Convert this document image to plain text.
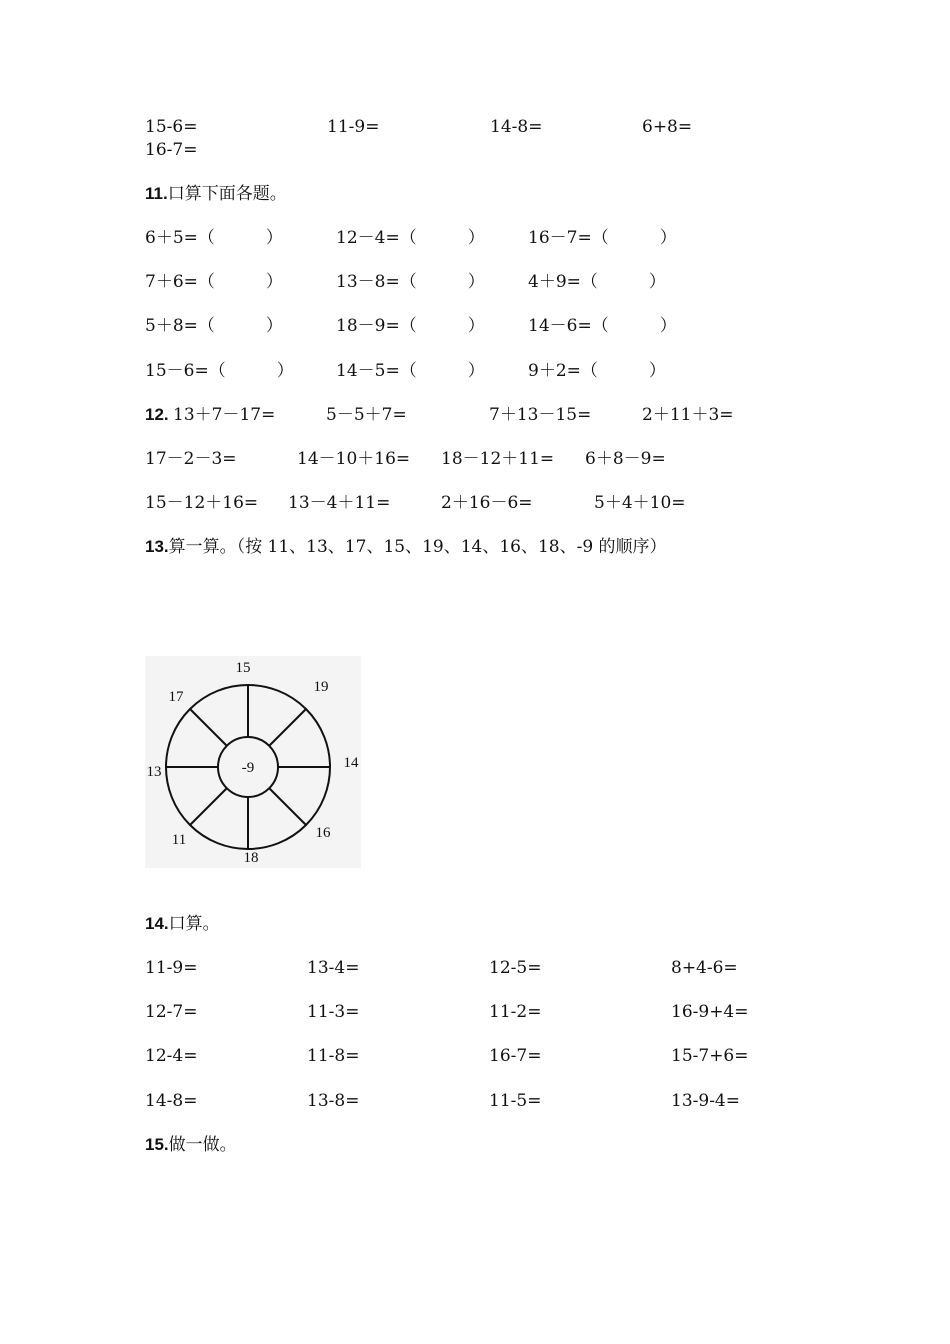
15-6=	11-9=	14-8=	6+8=
16-7=
11.口算下面各题。
6＋5=（　　　）	12－4=（　　　）	16－7=（　　　）
7＋6=（　　　）	13－8=（　　　）	4＋9=（　　　）
5＋8=（　　　）	18－9=（　　　）	14－6=（　　　）
15－6=（　　　） 14－5=（　　　）	9＋2=（　　　）
12. 13＋7－17=	5－5＋7=	7＋13－15=	2＋11＋3=
17－2－3=	14－10＋16= 18－12＋11= 6＋8－9=
15－12＋16= 13－4＋11=	2＋16－6=	5＋4＋10=
13.算一算。（按 11、13、17、15、19、14、16、18、-9 的顺序）
-9
15
19
14
16
18
11
13
17
14.口算。
11-9=	13-4=	12-5=	8+4-6=
12-7=	11-3=	11-2=	16-9+4=
12-4=	11-8=	16-7=	15-7+6=
14-8=	13-8=	11-5=	13-9-4=
15.做一做。
